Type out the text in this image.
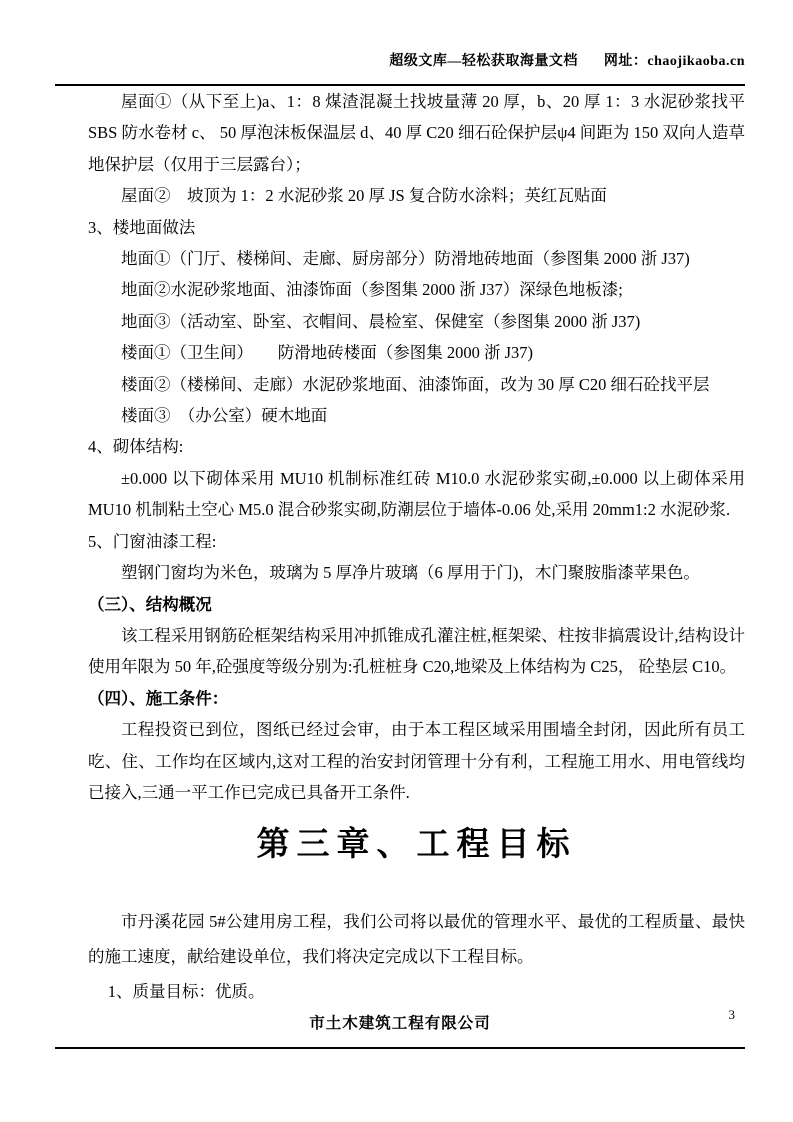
超级文库—轻松获取海量文档 网址：chaojikaoba.cn

屋面①（从下至上)a、1：8 煤渣混凝土找坡量薄 20 厚，b、20 厚 1：3 水泥砂浆找平 SBS 防水卷材 c、 50 厚泡沫板保温层 d、40 厚 C20 细石砼保护层ψ4 间距为 150 双向人造草地保护层（仅用于三层露台）；

屋面②　坡顶为 1：2 水泥砂浆 20 厚 JS 复合防水涂料；英红瓦贴面

3、楼地面做法

地面①（门厅、楼梯间、走廊、厨房部分）防滑地砖地面（参图集 2000 浙 J37)

地面②水泥砂浆地面、油漆饰面（参图集 2000 浙 J37）深绿色地板漆;

地面③（活动室、卧室、衣帽间、晨检室、保健室（参图集 2000 浙 J37)

楼面①（卫生间）　　防滑地砖楼面（参图集 2000 浙 J37)

楼面②（楼梯间、走廊）水泥砂浆地面、油漆饰面，改为 30 厚 C20 细石砼找平层

楼面③　（办公室）硬木地面

4、砌体结构:

±0.000 以下砌体采用 MU10 机制标准红砖 M10.0 水泥砂浆实砌,±0.000 以上砌体采用 MU10 机制粘土空心 M5.0 混合砂浆实砌,防潮层位于墙体-0.06 处,采用 20mm1:2 水泥砂浆.

5、门窗油漆工程:

塑钢门窗均为米色，玻璃为 5 厚净片玻璃（6 厚用于门)，木门聚胺脂漆苹果色。

（三）、结构概况

该工程采用钢筋砼框架结构采用冲抓锥成孔灌注桩,框架梁、柱按非搞震设计,结构设计使用年限为 50 年,砼强度等级分别为:孔桩桩身 C20,地梁及上体结构为 C25， 砼垫层 C10。

（四）、施工条件：

工程投资已到位，图纸已经过会审，由于本工程区域采用围墙全封闭，因此所有员工吃、住、工作均在区域内,这对工程的治安封闭管理十分有利，工程施工用水、用电管线均已接入,三通一平工作已完成已具备开工条件.

第三章、工程目标

市丹溪花园 5#公建用房工程，我们公司将以最优的管理水平、最优的工程质量、最快的施工速度，献给建设单位，我们将决定完成以下工程目标。

1、质量目标：优质。

市土木建筑工程有限公司
3
